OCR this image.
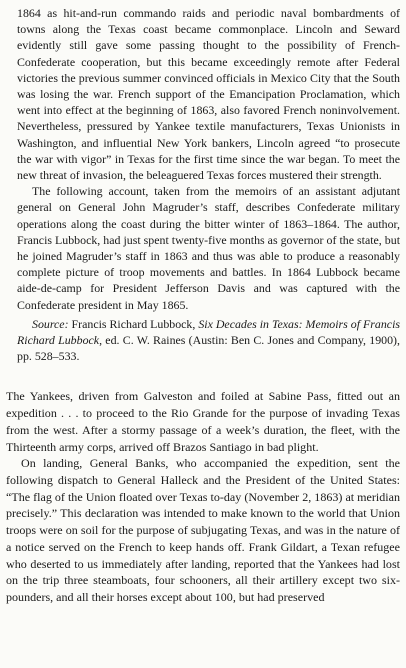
1864 as hit-and-run commando raids and periodic naval bombardments of towns along the Texas coast became commonplace. Lincoln and Seward evidently still gave some passing thought to the possibility of French-Confederate cooperation, but this became exceedingly remote after Federal victories the previous summer convinced officials in Mexico City that the South was losing the war. French support of the Emancipation Proclamation, which went into effect at the beginning of 1863, also favored French noninvolvement. Nevertheless, pressured by Yankee textile manufacturers, Texas Unionists in Washington, and influential New York bankers, Lincoln agreed “to prosecute the war with vigor” in Texas for the first time since the war began. To meet the new threat of invasion, the beleaguered Texas forces mustered their strength.

The following account, taken from the memoirs of an assistant adjutant general on General John Magruder’s staff, describes Confederate military operations along the coast during the bitter winter of 1863–1864. The author, Francis Lubbock, had just spent twenty-five months as governor of the state, but he joined Magruder’s staff in 1863 and thus was able to produce a reasonably complete picture of troop movements and battles. In 1864 Lubbock became aide-de-camp for President Jefferson Davis and was captured with the Confederate president in May 1865.

Source: Francis Richard Lubbock, Six Decades in Texas: Memoirs of Francis Richard Lubbock, ed. C. W. Raines (Austin: Ben C. Jones and Company, 1900), pp. 528–533.

The Yankees, driven from Galveston and foiled at Sabine Pass, fitted out an expedition . . . to proceed to the Rio Grande for the purpose of invading Texas from the west. After a stormy passage of a week’s duration, the fleet, with the Thirteenth army corps, arrived off Brazos Santiago in bad plight.

On landing, General Banks, who accompanied the expedition, sent the following dispatch to General Halleck and the President of the United States: “The flag of the Union floated over Texas to-day (November 2, 1863) at meridian precisely.” This declaration was intended to make known to the world that Union troops were on soil for the purpose of subjugating Texas, and was in the nature of a notice served on the French to keep hands off. Frank Gildart, a Texan refugee who deserted to us immediately after landing, reported that the Yankees had lost on the trip three steamboats, four schooners, all their artillery except two six-pounders, and all their horses except about 100, but had preserved
